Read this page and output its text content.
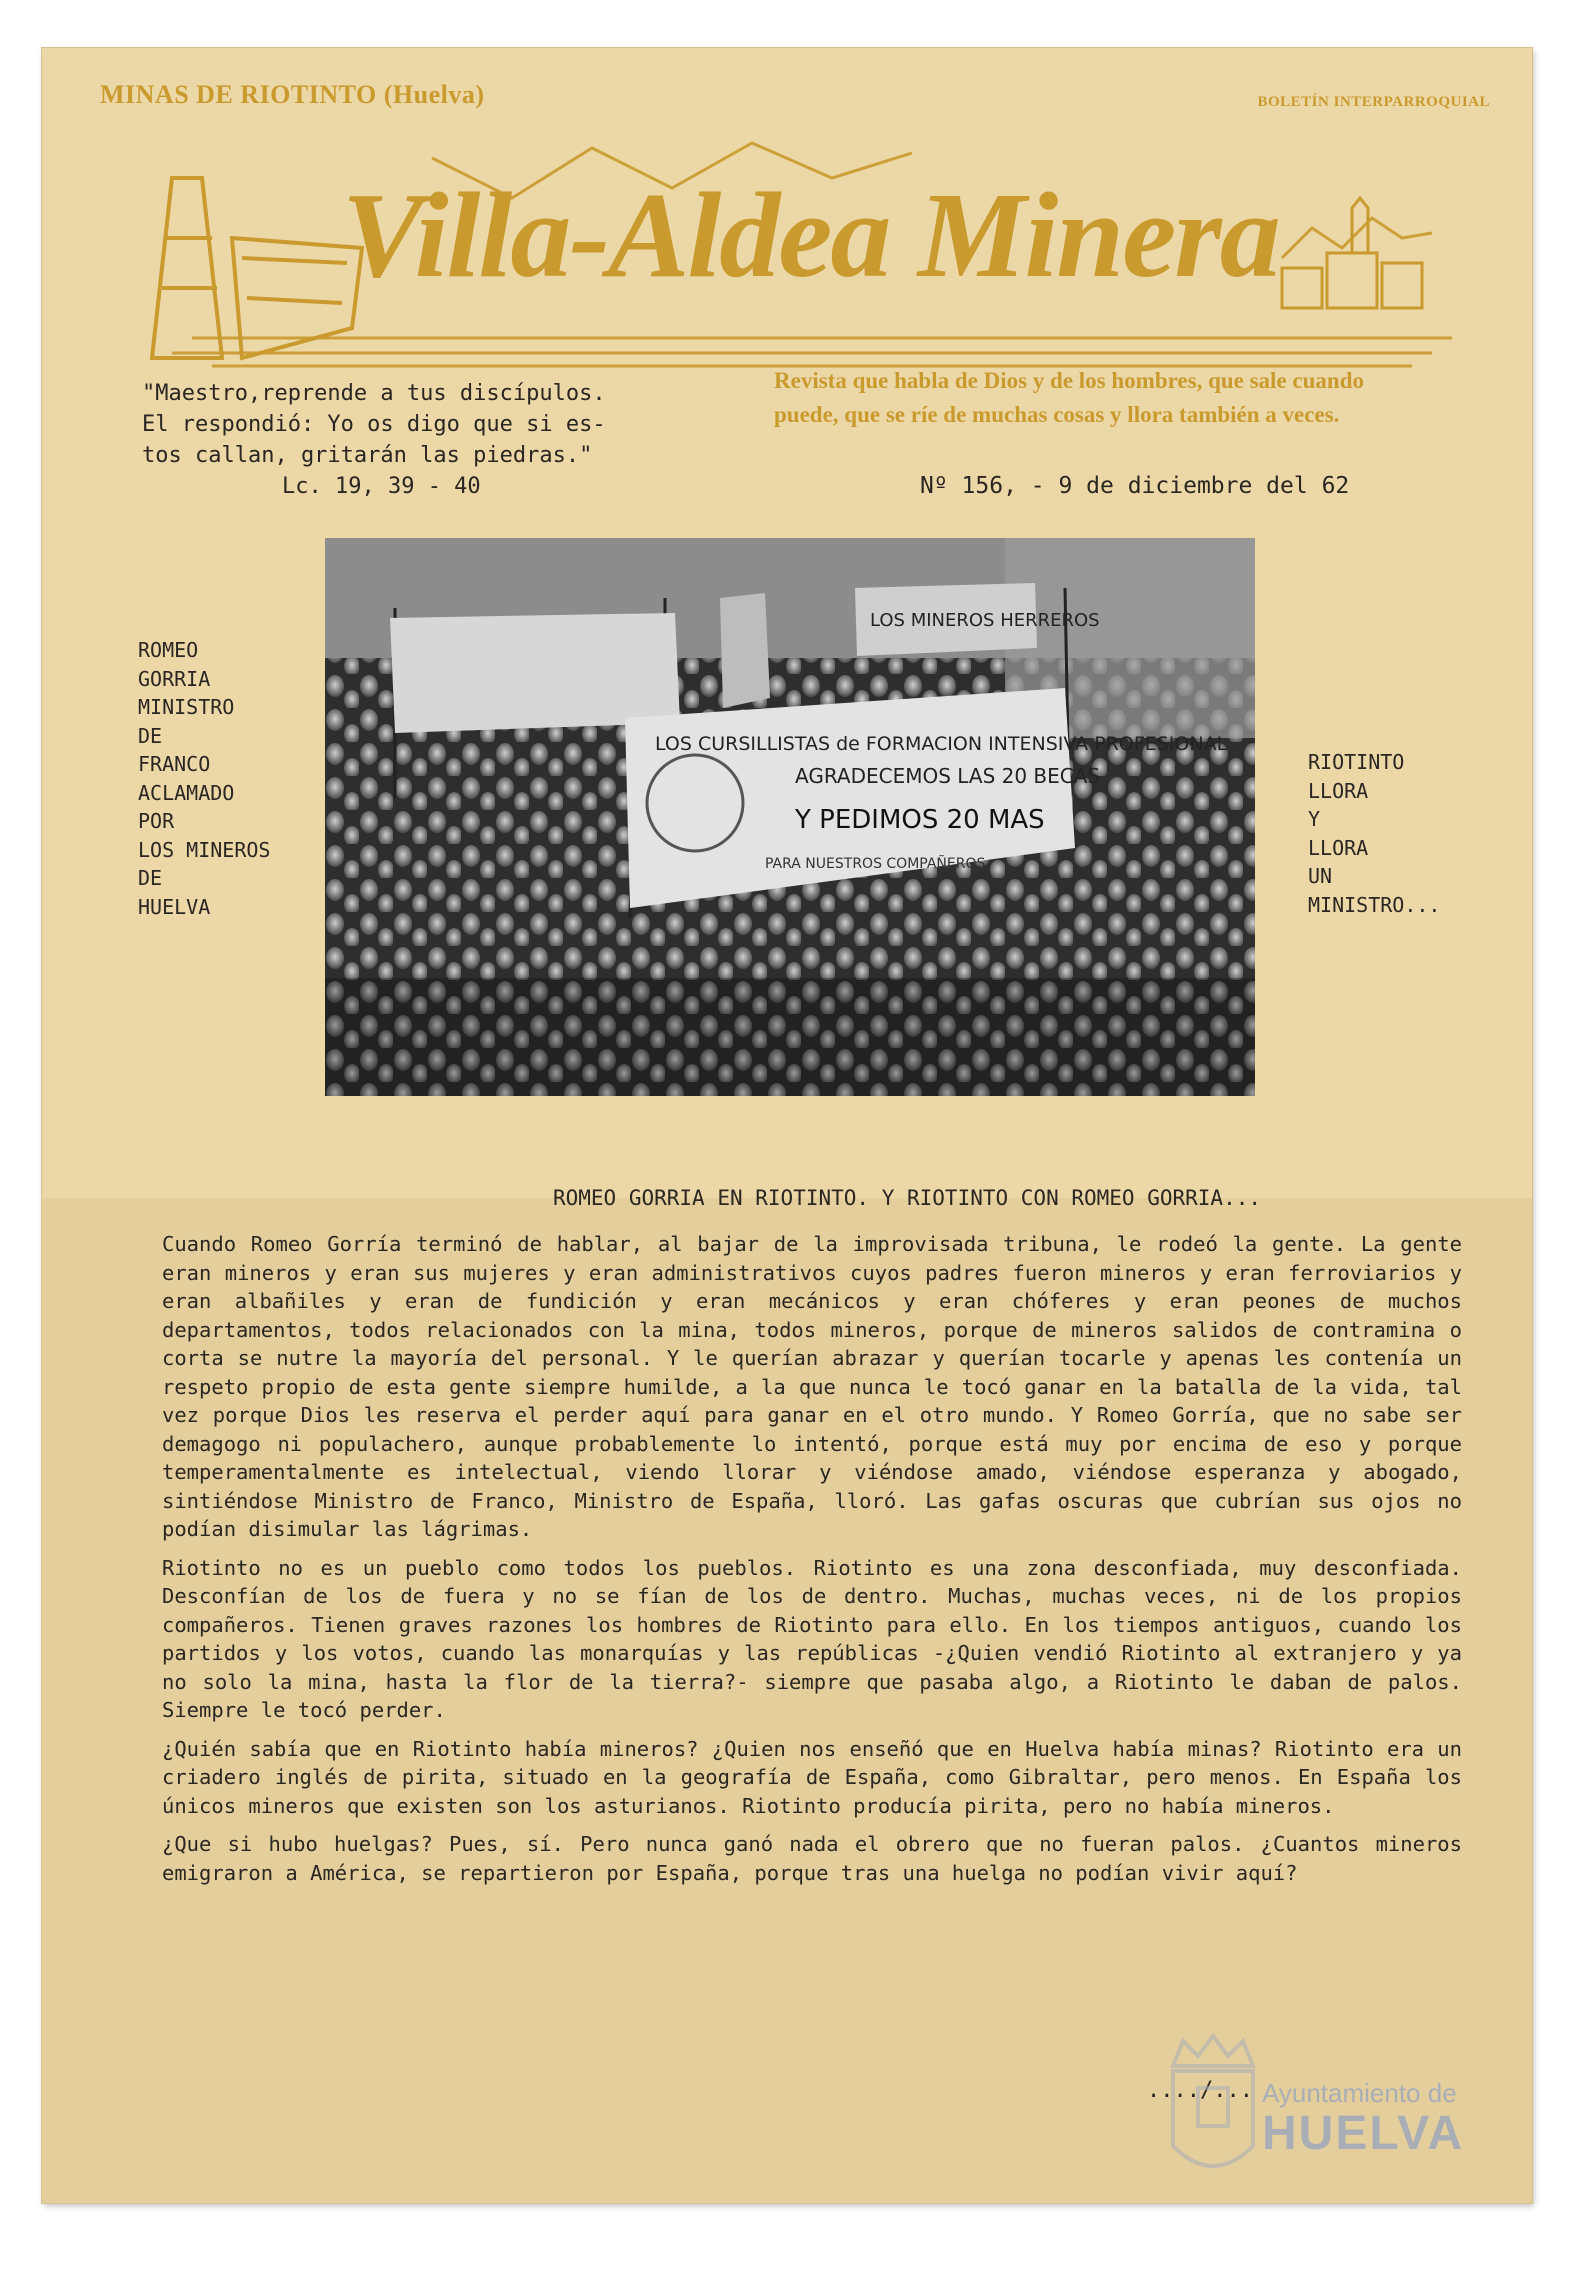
MINAS DE RIOTINTO (Huelva)	BOLETÍN INTERPARROQUIAL
Villa-Aldea Minera
"Maestro,reprende a tus discípulos.
El respondió: Yo os digo que si es-
tos callan, gritarán las piedras."
Lc. 19, 39 - 40
Revista que habla de Dios y de los hombres, que sale cuando
puede, que se ríe de muchas cosas y llora también a veces.
Nº 156, - 9 de diciembre del 62
ROMEO
GORRIA
MINISTRO
DE
FRANCO
ACLAMADO
POR
LOS MINEROS
DE
HUELVA
LOS CURSILLISTAS de FORMACION INTENSIVA PROFESIONAL
AGRADECEMOS LAS 20 BECAS
Y PEDIMOS 20 MAS
PARA NUESTROS COMPAÑEROS
LOS MINEROS HERREROS
RIOTINTO
LLORA
Y
LLORA
UN
MINISTRO...
ROMEO GORRIA EN RIOTINTO. Y RIOTINTO CON ROMEO GORRIA...

Cuando Romeo Gorría terminó de hablar, al bajar de la improvisada tribuna, le rodeó la gente. La gente eran mineros y eran sus mujeres y eran administrativos cuyos padres fueron mineros y eran ferroviarios y eran albañiles y eran de fundición y eran mecánicos y eran chóferes y eran peones de muchos departamentos, todos relacionados con la mina, todos mineros, porque de mineros salidos de contramina o corta se nutre la mayoría del personal. Y le querían abrazar y querían tocarle y apenas les contenía un respeto propio de esta gente siempre humilde, a la que nunca le tocó ganar en la batalla de la vida, tal vez porque Dios les reserva el perder aquí para ganar en el otro mundo. Y Romeo Gorría, que no sabe ser demagogo ni populachero, aunque probablemente lo intentó, porque está muy por encima de eso y porque temperamentalmente es intelectual, viendo llorar y viéndose amado, viéndose esperanza y abogado, sintiéndose Ministro de Franco, Ministro de España, lloró. Las gafas oscuras que cubrían sus ojos no podían disimular las lágrimas.

Riotinto no es un pueblo como todos los pueblos. Riotinto es una zona desconfiada, muy desconfiada. Desconfían de los de fuera y no se fían de los de dentro. Muchas, muchas veces, ni de los propios compañeros. Tienen graves razones los hombres de Riotinto para ello. En los tiempos antiguos, cuando los partidos y los votos, cuando las monarquías y las repúblicas -¿Quien vendió Riotinto al extranjero y ya no solo la mina, hasta la flor de la tierra?- siempre que pasaba algo, a Riotinto le daban de palos. Siempre le tocó perder.

¿Quién sabía que en Riotinto había mineros? ¿Quien nos enseñó que en Huelva había minas? Riotinto era un criadero inglés de pirita, situado en la geografía de España, como Gibraltar, pero menos. En España los únicos mineros que existen son los asturianos. Riotinto producía pirita, pero no había mineros.

¿Que si hubo huelgas? Pues, sí. Pero nunca ganó nada el obrero que no fueran palos. ¿Cuantos mineros emigraron a América, se repartieron por España, porque tras una huelga no podían vivir aquí?

..../... Ayuntamiento de
HUELVA
